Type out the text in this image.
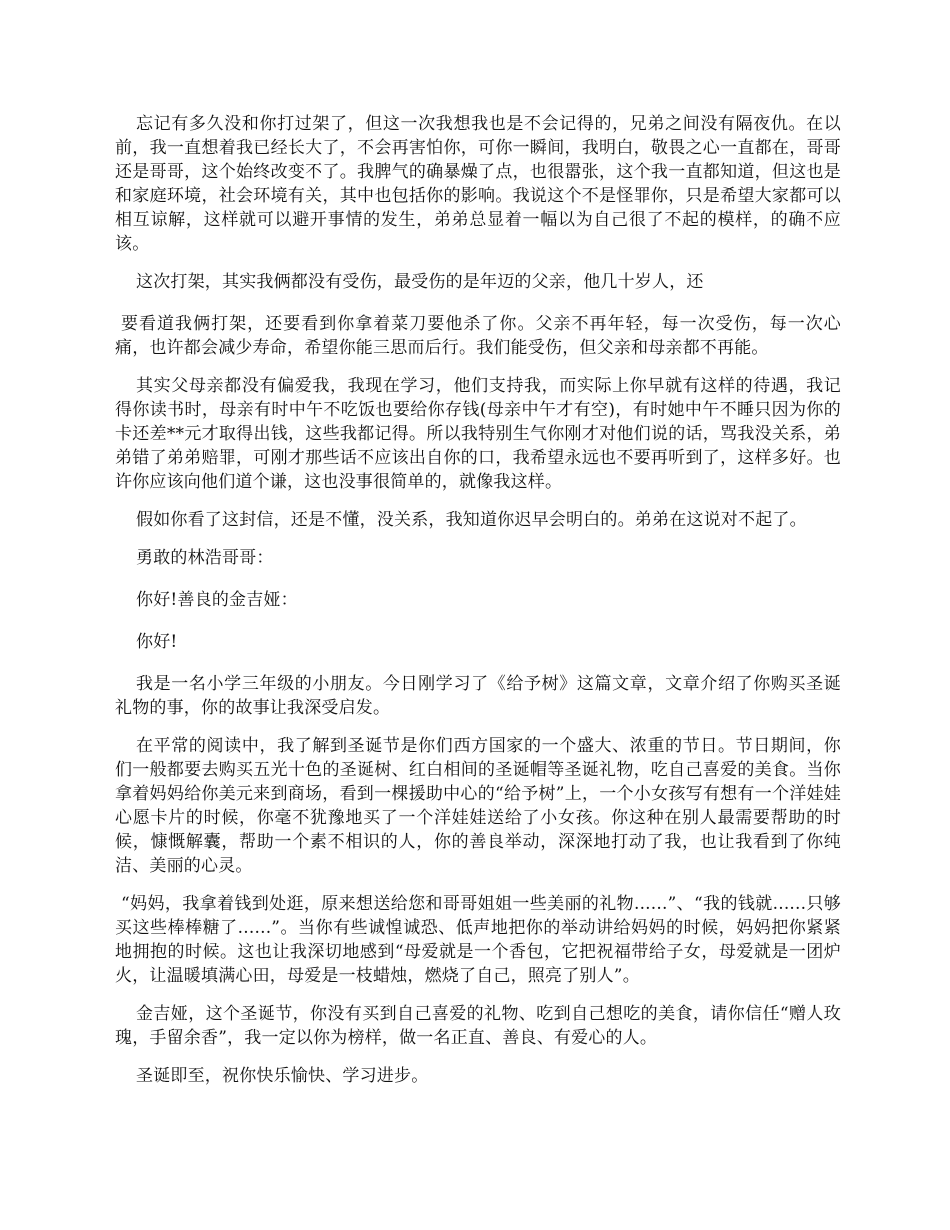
忘记有多久没和你打过架了，但这一次我想我也是不会记得的，兄弟之间没有隔夜仇。在以前，我一直想着我已经长大了，不会再害怕你，可你一瞬间，我明白，敬畏之心一直都在，哥哥还是哥哥，这个始终改变不了。我脾气的确暴燥了点，也很嚣张，这个我一直都知道，但这也是和家庭环境，社会环境有关，其中也包括你的影响。我说这个不是怪罪你，只是希望大家都可以相互谅解，这样就可以避开事情的发生，弟弟总显着一幅以为自己很了不起的模样，的确不应该。

这次打架，其实我俩都没有受伤，最受伤的是年迈的父亲，他几十岁人，还

要看道我俩打架，还要看到你拿着菜刀要他杀了你。父亲不再年轻，每一次受伤，每一次心痛，也许都会减少寿命，希望你能三思而后行。我们能受伤，但父亲和母亲都不再能。

其实父母亲都没有偏爱我，我现在学习，他们支持我，而实际上你早就有这样的待遇，我记得你读书时，母亲有时中午不吃饭也要给你存钱(母亲中午才有空)，有时她中午不睡只因为你的卡还差**元才取得出钱，这些我都记得。所以我特别生气你刚才对他们说的话，骂我没关系，弟弟错了弟弟赔罪，可刚才那些话不应该出自你的口，我希望永远也不要再听到了，这样多好。也许你应该向他们道个谦，这也没事很简单的，就像我这样。

假如你看了这封信，还是不懂，没关系，我知道你迟早会明白的。弟弟在这说对不起了。

勇敢的林浩哥哥：

你好!善良的金吉娅：

你好!

我是一名小学三年级的小朋友。今日刚学习了《给予树》这篇文章，文章介绍了你购买圣诞礼物的事，你的故事让我深受启发。

在平常的阅读中，我了解到圣诞节是你们西方国家的一个盛大、浓重的节日。节日期间，你们一般都要去购买五光十色的圣诞树、红白相间的圣诞帽等圣诞礼物，吃自己喜爱的美食。当你拿着妈妈给你美元来到商场，看到一棵援助中心的“给予树”上，一个小女孩写有想有一个洋娃娃心愿卡片的时候，你毫不犹豫地买了一个洋娃娃送给了小女孩。你这种在别人最需要帮助的时候，慷慨解囊，帮助一个素不相识的人，你的善良举动，深深地打动了我，也让我看到了你纯洁、美丽的心灵。

“妈妈，我拿着钱到处逛，原来想送给您和哥哥姐姐一些美丽的礼物......”、“我的钱就......只够买这些棒棒糖了......”。当你有些诚惶诚恐、低声地把你的举动讲给妈妈的时候，妈妈把你紧紧地拥抱的时候。这也让我深切地感到“母爱就是一个香包，它把祝福带给子女，母爱就是一团炉火，让温暖填满心田，母爱是一枝蜡烛，燃烧了自己，照亮了别人”。

金吉娅，这个圣诞节，你没有买到自己喜爱的礼物、吃到自己想吃的美食，请你信任“赠人玫瑰，手留余香”，我一定以你为榜样，做一名正直、善良、有爱心的人。

圣诞即至，祝你快乐愉快、学习进步。
